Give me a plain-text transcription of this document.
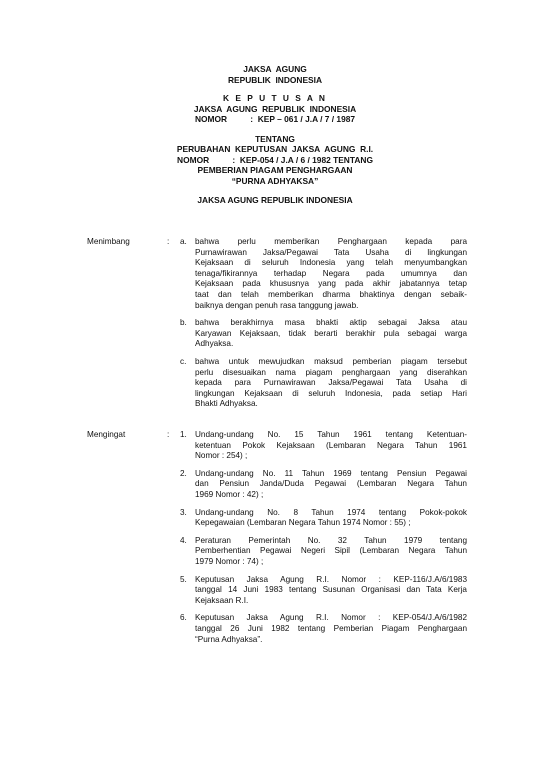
JAKSA  AGUNG
REPUBLIK  INDONESIA
K E P U T U S A N
JAKSA  AGUNG  REPUBLIK  INDONESIA
NOMOR          :  KEP – 061 / J.A / 7 / 1987
TENTANG
PERUBAHAN  KEPUTUSAN  JAKSA  AGUNG  R.I.
NOMOR          :  KEP-054 / J.A / 6 / 1982 TENTANG
PEMBERIAN PIAGAM PENGHARGAAN
“PURNA ADHYAKSA”
JAKSA AGUNG REPUBLIK INDONESIA
Menimbang	: a. bahwa perlu memberikan Penghargaan kepada para
Purnawirawan Jaksa/Pegawai Tata Usaha di lingkungan
Kejaksaan di seluruh Indonesia yang telah menyumbangkan
tenaga/fikirannya terhadap Negara pada umumnya dan
Kejaksaan pada khususnya yang pada akhir jabatannya tetap
taat dan telah memberikan dharma bhaktinya dengan sebaik-
baiknya dengan penuh rasa tanggung jawab.
b. bahwa berakhirnya masa bhakti aktip sebagai Jaksa atau
Karyawan Kejaksaan, tidak berarti berakhir pula sebagai warga
Adhyaksa.
c. bahwa untuk mewujudkan maksud pemberian piagam tersebut
perlu disesuaikan nama piagam penghargaan yang diserahkan
kepada para Purnawirawan Jaksa/Pegawai Tata Usaha di
lingkungan Kejaksaan di seluruh Indonesia, pada setiap Hari
Bhakti Adhyaksa.
Mengingat	: 1. Undang-undang No. 15 Tahun 1961 tentang Ketentuan-
ketentuan Pokok Kejaksaan (Lembaran Negara Tahun 1961
Nomor : 254) ;
2. Undang-undang No. 11 Tahun 1969 tentang Pensiun Pegawai
dan Pensiun Janda/Duda Pegawai (Lembaran Negara Tahun
1969 Nomor : 42) ;
3. Undang-undang No. 8 Tahun 1974 tentang Pokok-pokok
Kepegawaian (Lembaran Negara Tahun 1974 Nomor : 55) ;
4. Peraturan Pemerintah No. 32 Tahun 1979 tentang
Pemberhentian Pegawai Negeri Sipil (Lembaran Negara Tahun
1979 Nomor : 74) ;
5. Keputusan Jaksa Agung R.I. Nomor : KEP-116/J.A/6/1983
tanggal 14 Juni 1983 tentang Susunan Organisasi dan Tata Kerja
Kejaksaan R.I.
6. Keputusan Jaksa Agung R.I. Nomor : KEP-054/J.A/6/1982
tanggal 26 Juni 1982 tentang Pemberian Piagam Penghargaan
“Purna Adhyaksa”.
